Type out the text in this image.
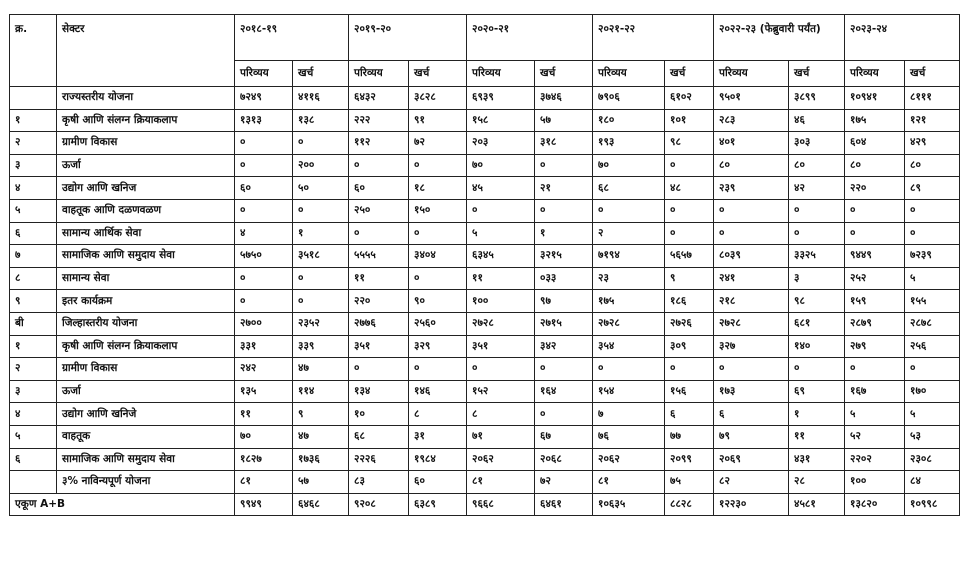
क्र.	सेक्टर	२०१८-१९		२०१९-२०		२०२०-२१		२०२१-२२		२०२२-२३ (फेब्रुवारी पर्यंत)		२०२३-२४	
		परिव्यय	खर्च	परिव्यय	खर्च	परिव्यय	खर्च	परिव्यय	खर्च	परिव्यय	खर्च	परिव्यय	खर्च
	राज्यस्तरीय योजना	७२४९	४११६	६४३२	३८२८	६९३९	३७४६	७९०६	६१०२	९५०१	३८९९	१०९४१	८१११
१	कृषी आणि संलग्न क्रियाकलाप	१३१३	१३८	२२२	९१	१५८	५७	१८०	१०१	२८३	४६	१७५	१२१
२	ग्रामीण विकास	०	०	११२	७२	२०३	३१८	१९३	९८	४०१	३०३	६०४	४२९
३	ऊर्जा	०	२००	०	०	७०	०	७०	०	८०	८०	८०	८०
४	उद्योग आणि खनिज	६०	५०	६०	१८	४५	२१	६८	४८	२३९	४२	२२०	८९
५	वाहतूक आणि दळणवळण	०	०	२५०	१५०	०	०	०	०	०	०	०	०
६	सामान्य आर्थिक सेवा	४	१	०	०	५	१	२	०	०	०	०	०
७	सामाजिक आणि समुदाय सेवा	५७५०	३५१८	५५५५	३४०४	६३४५	३२१५	७१९४	५६५७	८०३९	३३२५	९४४९	७२३९
८	सामान्य सेवा	०	०	११	०	११	०३३	२३	९	२४१	३	२५२	५
९	इतर कार्यक्रम	०	०	२२०	९०	१००	९७	१७५	१८६	२१८	९८	१५९	१५५
बी	जिल्हास्तरीय योजना	२७००	२३५२	२७७६	२५६०	२७२८	२७१५	२७२८	२७२६	२७२८	६८१	२८७९	२८७८
१	कृषी आणि संलग्न क्रियाकलाप	३३१	३३९	३५१	३२९	३५१	३४२	३५४	३०९	३२७	१४०	२७९	२५६
२	ग्रामीण विकास	२४२	४७	०	०	०	०	०	०	०	०	०	०
३	ऊर्जा	१३५	११४	१३४	१४६	१५२	१६४	१५४	१५६	१७३	६९	१६७	१७०
४	उद्योग आणि खनिजे	११	९	१०	८	८	०	७	६	६	१	५	५
५	वाहतूक	७०	४७	६८	३१	७१	६७	७६	७७	७९	११	५२	५३
६	सामाजिक आणि समुदाय सेवा	१८२७	१७३६	२२२६	१९८४	२०६२	२०६८	२०६२	२०९९	२०६९	४३१	२२०२	२३०८
	३% नाविन्यपूर्ण योजना	८१	५७	८३	६०	८१	७२	८१	७५	८२	२८	१००	८४
एकूण A+B		९९४९	६४६८	९२०८	६३८९	९६६८	६४६१	१०६३५	८८२८	१२२३०	४५८१	१३८२०	१०९९८
